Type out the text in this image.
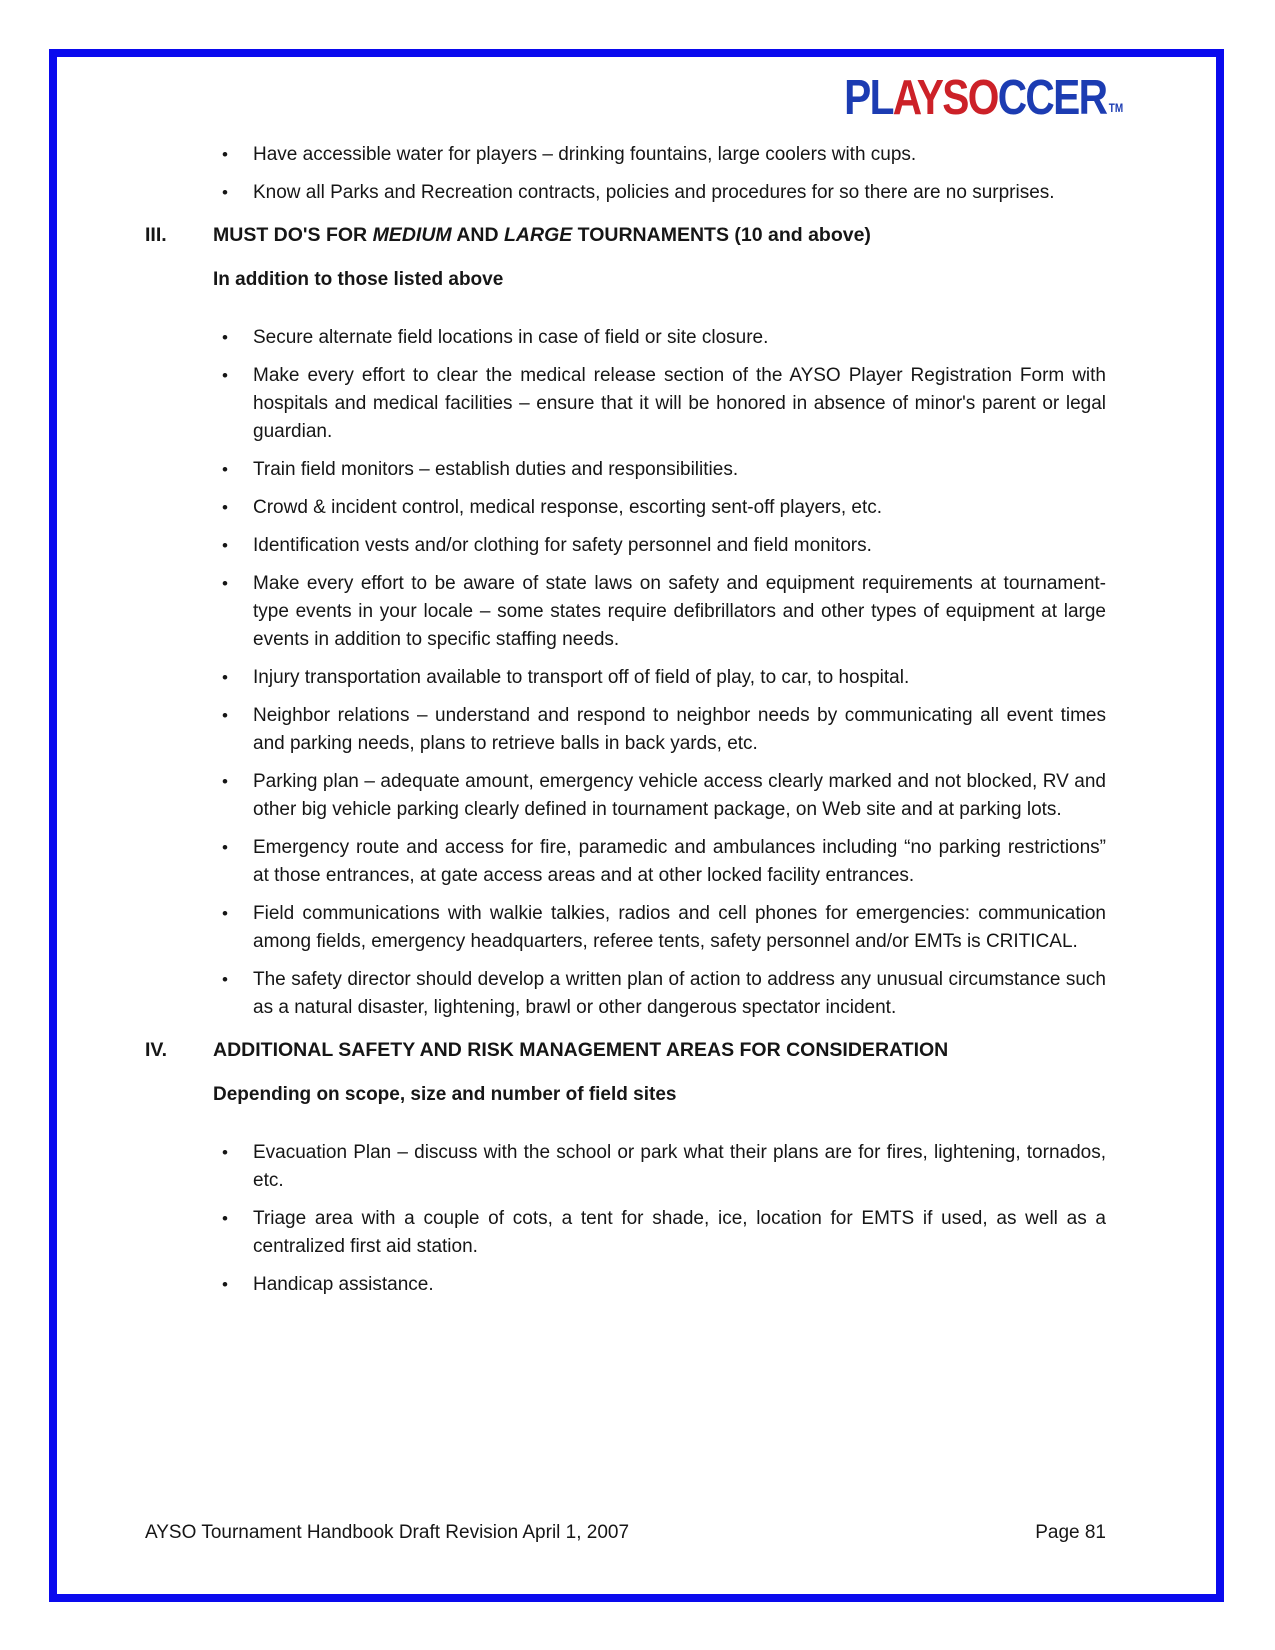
PLAYSOCCER TM
•	Have accessible water for players – drinking fountains, large coolers with cups.
•	Know all Parks and Recreation contracts, policies and procedures for so there are no surprises.
III.	MUST DO'S FOR MEDIUM AND LARGE TOURNAMENTS (10 and above)
In addition to those listed above
•	Secure alternate field locations in case of field or site closure.
•	Make every effort to clear the medical release section of the AYSO Player Registration Form with hospitals and medical facilities – ensure that it will be honored in absence of minor's parent or legal guardian.
•	Train field monitors – establish duties and responsibilities.
•	Crowd & incident control, medical response, escorting sent-off players, etc.
•	Identification vests and/or clothing for safety personnel and field monitors.
•	Make every effort to be aware of state laws on safety and equipment requirements at tournament-type events in your locale – some states require defibrillators and other types of equipment at large events in addition to specific staffing needs.
•	Injury transportation available to transport off of field of play, to car, to hospital.
•	Neighbor relations – understand and respond to neighbor needs by communicating all event times and parking needs, plans to retrieve balls in back yards, etc.
•	Parking plan – adequate amount, emergency vehicle access clearly marked and not blocked, RV and other big vehicle parking clearly defined in tournament package, on Web site and at parking lots.
•	Emergency route and access for fire, paramedic and ambulances including “no parking restrictions” at those entrances, at gate access areas and at other locked facility entrances.
•	Field communications with walkie talkies, radios and cell phones for emergencies: communication among fields, emergency headquarters, referee tents, safety personnel and/or EMTs is CRITICAL.
•	The safety director should develop a written plan of action to address any unusual circumstance such as a natural disaster, lightening, brawl or other dangerous spectator incident.
IV.	ADDITIONAL SAFETY AND RISK MANAGEMENT AREAS FOR CONSIDERATION
Depending on scope, size and number of field sites
•	Evacuation Plan – discuss with the school or park what their plans are for fires, lightening, tornados, etc.
•	Triage area with a couple of cots, a tent for shade, ice, location for EMTS if used, as well as a centralized first aid station.
•	Handicap assistance.
AYSO Tournament Handbook Draft Revision April 1, 2007	Page 81
